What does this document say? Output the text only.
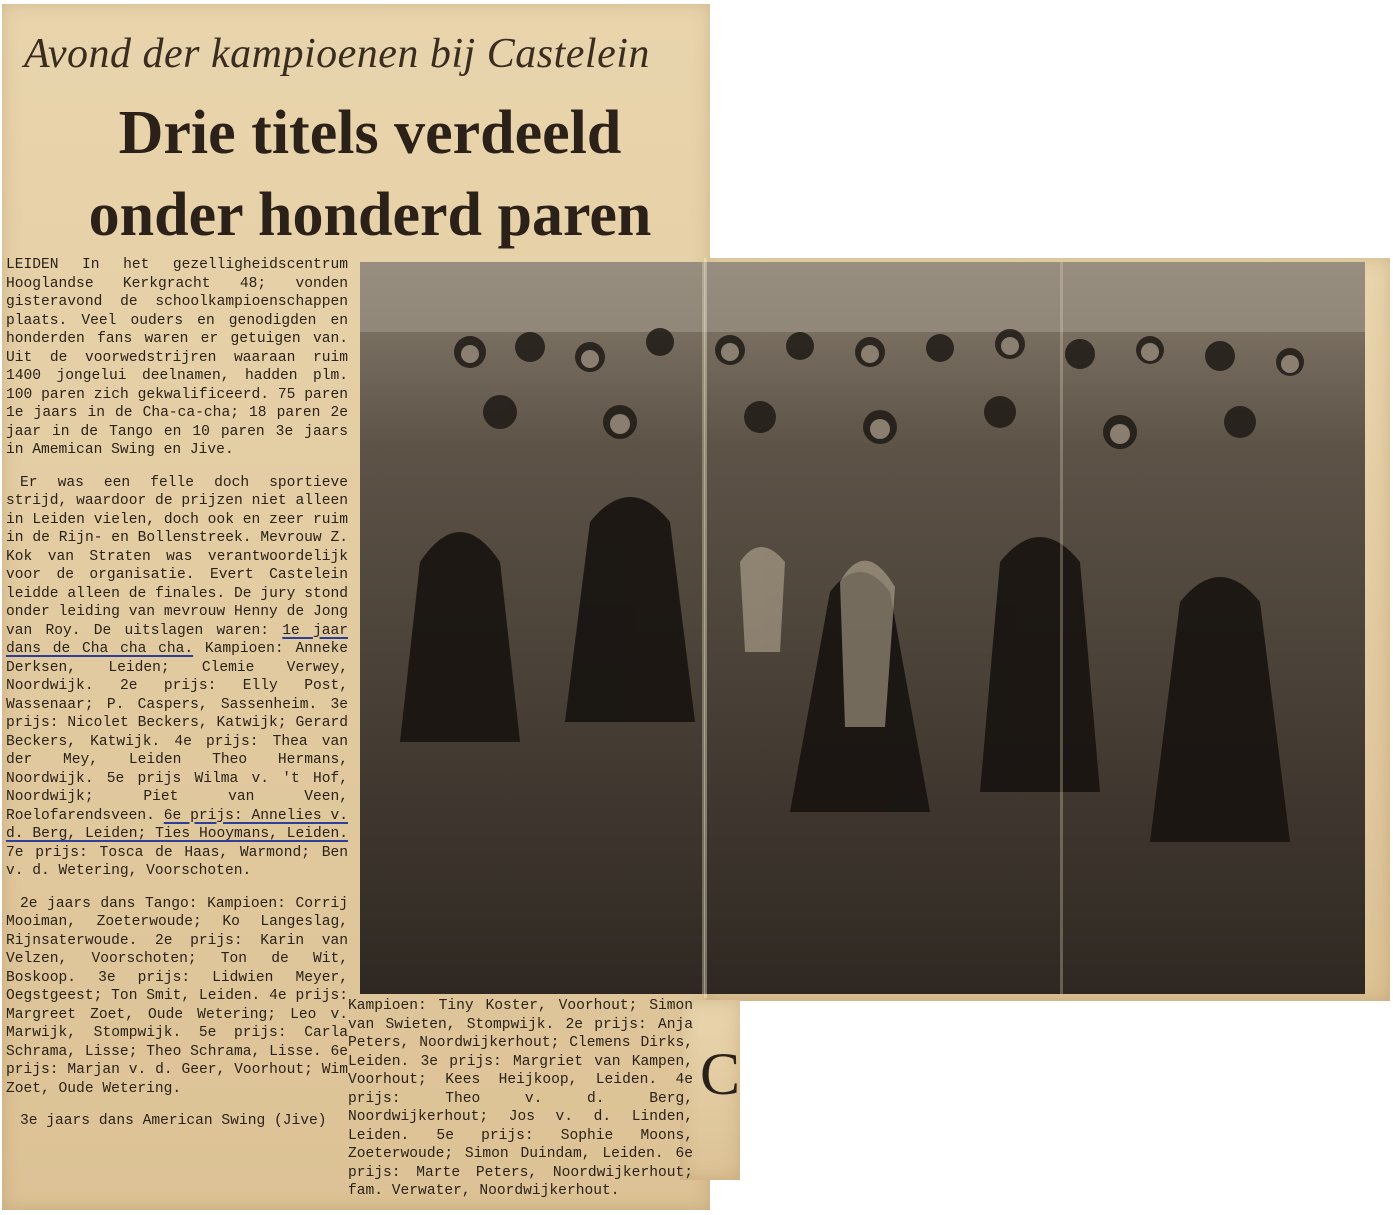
Avond der kampioenen bij Castelein
Drie titels verdeeld
onder honderd paren

LEIDEN In het gezelligheidscentrum Hooglandse Kerkgracht 48; vonden gisteravond de schoolkampioenschappen plaats. Veel ouders en genodigden en honderden fans waren er getuigen van. Uit de voorwedstrijren waaraan ruim 1400 jongelui deelnamen, hadden plm. 100 paren zich gekwalificeerd. 75 paren 1e jaars in de Cha-ca-cha; 18 paren 2e jaar in de Tango en 10 paren 3e jaars in Amemican Swing en Jive.

Er was een felle doch sportieve strijd, waardoor de prijzen niet alleen in Leiden vielen, doch ook en zeer ruim in de Rijn- en Bollenstreek. Mevrouw Z. Kok van Straten was verantwoordelijk voor de organisatie. Evert Castelein leidde alleen de finales. De jury stond onder leiding van mevrouw Henny de Jong van Roy. De uitslagen waren: 1e jaar dans de Cha cha cha. Kampioen: Anneke Derksen, Leiden; Clemie Verwey, Noordwijk. 2e prijs: Elly Post, Wassenaar; P. Caspers, Sassenheim. 3e prijs: Nicolet Beckers, Katwijk; Gerard Beckers, Katwijk. 4e prijs: Thea van der Mey, Leiden Theo Hermans, Noordwijk. 5e prijs Wilma v. 't Hof, Noordwijk; Piet van Veen, Roelofarendsveen. 6e prijs: Annelies v. d. Berg, Leiden; Ties Hooymans, Leiden. 7e prijs: Tosca de Haas, Warmond; Ben v. d. Wetering, Voorschoten.

2e jaars dans Tango: Kampioen: Corrij Mooiman, Zoeterwoude; Ko Langeslag, Rijnsaterwoude. 2e prijs: Karin van Velzen, Voorschoten; Ton de Wit, Boskoop. 3e prijs: Lidwien Meyer, Oegstgeest; Ton Smit, Leiden. 4e prijs: Margreet Zoet, Oude Wetering; Leo v. Marwijk, Stompwijk. 5e prijs: Carla Schrama, Lisse; Theo Schrama, Lisse. 6e prijs: Marjan v. d. Geer, Voorhout; Wim Zoet, Oude Wetering.

3e jaars dans American Swing (Jive)

Kampioen: Tiny Koster, Voorhout; Simon van Swieten, Stompwijk. 2e prijs: Anja Peters, Noordwijkerhout; Clemens Dirks, Leiden. 3e prijs: Margriet van Kampen, Voorhout; Kees Heijkoop, Leiden. 4e prijs: Theo v. d. Berg, Noordwijkerhout; Jos v. d. Linden, Leiden. 5e prijs: Sophie Moons, Zoeterwoude; Simon Duindam, Leiden. 6e prijs: Marte Peters, Noordwijkerhout; fam. Verwater, Noordwijkerhout.

C
